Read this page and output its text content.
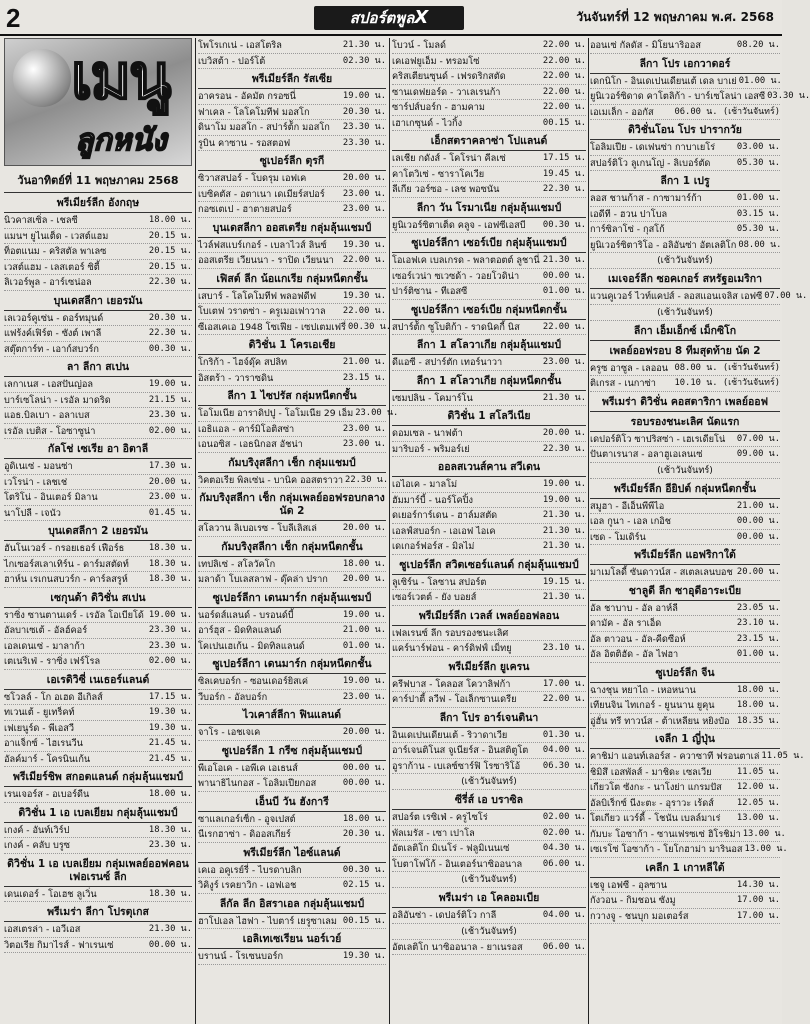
2	สปอร์ตพูลX	วันจันทร์ที่ 12 พฤษภาคม พ.ศ. 2568
เมนู
ลูกหนัง
วันอาทิตย์ที่ 11 พฤษภาคม 2568
พรีเมียร์ลีก อังกฤษ
นิวคาสเซิ่ล - เชลซี	18.00 น.
แมนฯ ยูไนเต็ด - เวสต์แฮม	20.15 น.
ท็อตแนม - คริสตัล พาเลซ	20.15 น.
เวสต์แฮม - เลสเตอร์ ซิตี้	20.15 น.
ลิเวอร์พูล - อาร์เซน่อล	22.30 น.
บุนเดสลีกา เยอรมัน
เลเวอร์คูเซ่น - ดอร์ทมุนด์	20.30 น.
แฟร้งค์เฟิร์ต - ซังต์ เพาลี	22.30 น.
สตุ๊ตการ์ท - เอาก์สบวร์ก	00.30 น.
ลา ลีกา สเปน
เลกาเนส - เอสปันญ่อล	19.00 น.
บาร์เซโลน่า - เรอัล มาดริด	21.15 น.
แอธ.บิลเบา - อลาเบส	23.30 น.
เรอัล เบติส - โอซาซูน่า	02.00 น.
กัลโช่ เซเรีย อา อิตาลี
อูดิเนเซ่ - มอนซ่า	17.30 น.
เวโรน่า - เลชเช่	20.00 น.
โตริโน่ - อินเตอร์ มิลาน	23.00 น.
นาโปลี - เจนัว	01.45 น.
บุนเดสลีกา 2 เยอรมัน
ฮันโนเวอร์ - กรอยเธอร์ เฟือร์ธ	18.30 น.
ไกเซอร์สเลาเทิร์น - ดาร์มสตัดท์	18.30 น.
ฮาห์น เรเกนสบวร์ก - คาร์ลสรูห์	18.30 น.
เซกุนด้า ดิวิชั่น สเปน
ราซิ่ง ซานตานเดร์ - เรอัล โอเบียโด้ 19.00 น.
อัลบาเซเต้ - อัลฮ์คอร์	23.30 น.
เอลเดนเซ่ - มาลาก้า	23.30 น.
เตเนริเฟ่ - ราซิ่ง เฟร์โรล	02.00 น.
เอเรดิวิซี่ เนเธอร์แลนด์
ซโวลล์ - โก อเฮด อีเกิลส์	17.15 น.
ทเวนเต้ - ยูเทร็คท์	19.30 น.
เฟเยนูร์ด - พีเอสวี	19.30 น.
อาแจ็กซ์ - ไฮเรนวีน	21.45 น.
อัลค์มาร์ - โครนินเก้น	21.45 น.
พรีเมียร์ชิพ สกอตแลนด์ กลุ่มลุ้นแชมป์
เรนเจอร์ส - อเบอร์ดีน	18.00 น.
ดิวิชั่น 1 เอ เบลเยียม กลุ่มลุ้นแชมป์
เกงค์ - อันท์เวิร์ป	18.30 น.
เกงค์ - คลับ บรูซ	23.30 น.
ดิวิชั่น 1 เอ เบลเยียม กลุ่มเพลย์ออฟคอนเฟอเรนซ์ ลีก
เดนเดอร์ - โอเฮช ลูเวิ่น	18.30 น.
พรีเมร่า ลีกา โปรตุเกส
เอสเตรล่า - เอวีเอส	21.30 น.
วิตอเรีย กิมาไรส์ - ฟาเรนเซ่	00.00 น.
โพโรเกเน่ - เอสโตริล	21.30 น.
เบวิสต้า - ปอร์โต้	02.30 น.
พรีเมียร์ลีก รัสเซีย
อาครอน - อัคมัต กรอซนี่	19.00 น.
ฟาเคล - โลโคโมทีฟ มอสโก	20.30 น.
ดินาโม มอสโก - สปาร์ต้ัก มอสโก	23.30 น.
รูบิน คาซาน - รอสตอฟ	23.30 น.
ซูเปอร์ลีก ตุรกี
ซิวาสสปอร์ - โบดรุม เอฟเค	20.00 น.
เบซิคตัส - อตาเนา เดเมียร์สปอร์	23.00 น.
กอซเตเป - ฮาตายสปอร์	23.00 น.
บุนเดสลีกา ออสเตรีย กลุ่มลุ้นแชมป์
ไวล์ฟสแบร์เกอร์ - เบลาไวส์ ลินซ์	19.30 น.
ออสเตรีย เวียนนา - ราปิด เวียนนา	22.00 น.
เฟิสต์ ลีก น้อแกเรีย กลุ่มหนีตกชั้น
เสบาร์ - โลโคโมทีฟ พลอฟดีฟ	19.30 น.
โบเตฟ วราตซ่า - ครูเมอเฟาวาล	22.00 น.
ซีเอสเคเอ 1948 โซเฟีย - เซปเตมเฟรี่ 00.30 น.
ดิวิชั่น 1 โครเอเชีย
โกริก้า - ไฮจ์ดุ๊ค สปลิท	21.00 น.
อิสตร้า - วาราซดิน	23.15 น.
ลีกา 1 ไซปรัส กลุ่มหนีตกชั้น
โอโมเนีย อาราดิปปู - โอโมเนีย 29 เอ็ม 23.00 น.
เอธิแอล - คาร์มิโอติสซ่า	23.00 น.
เอนอซิส - เอธนิกอส อัชน่า	23.00 น.
กัมบริงุสลีกา เช็ก กลุ่มแชมป์
วิคตอเรีย พิลเซ่น - บานิค ออสตราวา 22.30 น.
กัมบริงุสลีกา เช็ก กลุ่มเพลย์ออฟรอบกลาง นัด 2
สโลวาน ลิเบอเรซ - โบลีเลิสเล่	20.00 น.
กัมบริงุสลีกา เช็ก กลุ่มหนีตกชั้น
เทปลิเซ่ - สโลวัคโก	18.00 น.
มลาด้า โบเลสลาฟ - ดุ๊คล่า ปราก	20.00 น.
ซูเปอร์ลีกา เดนมาร์ก กลุ่มลุ้นแชมป์
นอร์ดส์แลนด์ - บรอนด์บี้	19.00 น.
อาร์ฮุส - มิดทิลแลนด์	21.00 น.
โคเปนเฮเก้น - มิดทิลแลนด์	01.00 น.
ซูเปอร์ลีกา เดนมาร์ก กลุ่มหนีตกชั้น
ซิลเคบอร์ก - ซอนเดอร์ยิสเค่	19.00 น.
วีบอร์ก - อัลบอร์ก	23.00 น.
ไวเคาส์ลีกา ฟินแลนด์
จาโร - เอชเจเค	20.00 น.
ซูเปอร์ลีก 1 กรีซ กลุ่มลุ้นแชมป์
พีเอโอเค - เอพีเค เอเธนส์	00.00 น.
พานาธิไนกอส - โอลิมเปียกอส	00.00 น.
เอ็นบี วัน ฮังการี
ซาแลเกอร์เซ็ก - อูจเปสต์	18.00 น.
นีเรกฮาซ่า - ดิออสเกียร์	20.30 น.
พรีเมียร์ลีก ไอซ์แลนด์
เคเอ อคูเรย์รี่ - ไบรดาบลิก	00.30 น.
วิคิงูร์ เรคยาวิก - เอฟเอช	02.15 น.
ลีกัล ลีก อิสราเอล กลุ่มลุ้นแชมป์
ฮาโปเอล ไฮฟา - ไบตาร์ เยรูซาเลม 00.15 น.
เอลิเทเซเรียน นอร์เวย์
บรานน์ - โรเซนบอร์ก	19.30 น.
โบวน์ - โมลด์	22.00 น.
เคเอฟยูเอ็ม - ทรอมโซ่	22.00 น.
คริสเตียนซุนด์ - เฟรดริกสตัด	22.00 น.
ซานเดฟยอร์ด - วาเลเรนก้า	22.00 น.
ซาร์ปส์บอร์ก - ฮามคาม	22.00 น.
เฮาเกซุนด์ - ไวกิ้ง	00.15 น.
เอ็กสตราคลาซ่า โปแลนด์
เลเชีย กดังส์ - โคโรน่า คีลเซ่	17.15 น.
คาโตวิเซ่ - ซาราโคเวีย	19.45 น.
ลีเกีย วอร์ซอ - เลช พอซนัน	22.30 น.
ลีกา วัน โรมาเนีย กลุ่มลุ้นแชมป์
ยูนิเวอร์ซิตาเต็ด คลูจ - เอฟซีเอสบี	00.30 น.
ซูเปอร์ลีกา เซอร์เบีย กลุ่มลุ้นแชมป์
โอเอฟเค เบลเกรด - พลาตอตต์ ลูชานี่ 21.30 น.
เซอร์เวน่า ซเวซด้า - วอยโวดิน่า	00.00 น.
ปาร์ติซาน - ทีเอสซี	01.00 น.
ซูเปอร์ลีกา เซอร์เบีย กลุ่มหนีตกชั้น
สปาร์ต้ัก ซูโบติก้า - ราดนิคกี้ นิส	22.00 น.
ลีกา 1 สโลวาเกีย กลุ่มลุ้นแชมป์
ดีแอซี - สปาร์ตัก เทอร์นาวา	23.00 น.
ลีกา 1 สโลวาเกีย กลุ่มหนีตกชั้น
เซมปลิน - โคมาร์โน	21.30 น.
ดิวิชั่น 1 สโลวีเนีย
ดอมเซล - นาฟต้า	20.00 น.
มาริบอร์ - พริมอร์เย่	22.30 น.
ออลสเวนส์คาน สวีเดน
เอไอเค - มาลโม่	19.00 น.
ฮัมมาร์บี้ - นอร์โคปิ้ง	19.00 น.
ดเยอร์การ์เดน - ฮาล์มสตัด	21.30 น.
เอลฟ์สบอร์ก - เอเอฟ ไอเค	21.30 น.
เดเกอร์ฟอร์ส - มิลไม่	21.30 น.
ซูเปอร์ลีก สวิตเซอร์แลนด์ กลุ่มลุ้นแชมป์
ลูเซิร์น - โลซาน สปอร์ต	19.15 น.
เซอร์เวตต์ - ยัง บอยส์	21.30 น.
พรีเมียร์ลีก เวลส์ เพลย์ออฟลอน
เฟลเรนซ์ ลีก รอบรองชนะเลิศ
แคร์นาร์ฟอน - คาร์ดิฟฟ์ เม็ทยู	23.10 น.
พรีเมียร์ลีก ยูเครน
ครีฟบาส - โคลอส โควาลิฟก้า	17.00 น.
คาร์ปาตี้ ลวีฟ - โอเล็กซานเดรีย	22.00 น.
ลีกา โปร อาร์เจนตินา
อินเดเปนเดียนเต้ - ริวาดาเวีย	01.30 น.
อาร์เจนติโนส จูเนียร์ส - อินสติตูโต	04.00 น.
อูราก้าน - เบเลซ์ซาร์ฟิ โรซาริโอ้	06.30 น.
(เช้าวันจันทร์)
ซีรี่ส์ เอ บราซิล
สปอร์ต เรซิเฟ่ - ครูไซโร่	02.00 น.
พัลเมรัส - เซา เปาโล	02.00 น.
อัตเลติโก มิเนโร่ - ฟลูมิเนนเซ่	04.30 น.
โบตาโฟโก้ - อินเตอร์นาซิออนาล	06.00 น.
(เช้าวันจันทร์)
พรีเมร่า เอ โคลอมเบีย
อลิอันซ่า - เดปอร์ติโว กาลี	04.00 น.
(เช้าวันจันทร์)
อัตเลติโก นาซิออนาล - ยาเนรอส	06.00 น.
ออนเซ่ กัลดัส - มิโยนาริออส	08.20 น.
ลีกา โปร เอกวาดอร์
เดกนิโก - อินเดเปนเดียนเต้ เดล บาเย่ 01.00 น.
ยูนิเวอร์ซิดาด คาโตลิก้า - บาร์เซโลน่า เอสซี 03.30 น.
เอเมเล็ก - ออกัส	06.00 น. (เช้าวันจันทร์)
ดิวิชั่นโอน โปร ปารากวัย
โอลิมเปีย - เดเฟนซ่า กาบาเยโร่	03.00 น.
สปอร์ติโว ลูเกนโญ่ - ลิเบอร์ตัด	05.30 น.
ลีกา 1 เปรู
ลอส ชานก้าส - กาซามาร์ก้า	01.00 น.
เอดีที - ฮวน ปาโบล	03.15 น.
การ์ซิลาโซ่ - กุสโก้	05.30 น.
ยูนิเวอร์ซิตาริโอ - อลิอันซ่า อัตเลติโก 08.00 น.
(เช้าวันจันทร์)
เมเจอร์ลีก ซอคเกอร์ สหรัฐอเมริกา
แวนคูเวอร์ ไวท์แคปส์ - ลอสแอนเจลิส เอฟซี 07.00 น.
(เช้าวันจันทร์)
ลีกา เอ็มเอ็กซ์ เม็กซิโก
เพลย์ออฟรอบ 8 ทีมสุดท้าย นัด 2
ครูซ อาซูล - เลออน 08.00 น. (เช้าวันจันทร์)
ติเกรส - เนกาซ่า	10.10 น. (เช้าวันจันทร์)
พรีเมร่า ดิวิชั่น คอสตาริกา เพลย์ออฟ
รอบรองชนะเลิศ นัดแรก
เดปอร์ติโว ซาปริสซ่า - เฮเรเดียโน่	07.00 น.
ปันตาเรนาส - อลาฮูเอเลนเซ่	09.00 น.
(เช้าวันจันทร์)
พรีเมียร์ลีก อียิปต์ กลุ่มหนีตกชั้น
สมูฮา - อีเอ็นพีพีไอ	21.00 น.
เอล กูนา - เอล เกอิช	00.00 น.
เซด - โมเดิร์น	00.00 น.
พรีเมียร์ลีก แอฟริกาใต้
มาเมโลดี้ ซันดาวน์ส - สเตลเลนบอช 20.00 น.
ชาลูดี ลีก ซาอุดีอาระเบีย
อัล ชาบาบ - อัล อาห์ลี	23.05 น.
ดามัค - อัล ราเอ็ด	23.10 น.
อัล ตาวอน - อัล-คีดซีอห์	23.15 น.
อัล อิตติฮัด - อัล ไฟฮา	01.00 น.
ซูเปอร์ลีก จีน
ฉางชุน หยาไถ - เหอหนาน	18.00 น.
เทียนจิน ไทเกอร์ - ยูนนาน ยูคุน	18.00 น.
อู่ฮั่น ทรี ทาวน์ส - ต้าเหลียน หยิงป๋อ 18.35 น.
เจลีก 1 ญี่ปุ่น
คาชิม่า แอนท์เลอร์ส - ควาซาที ฟรอนตาเล่ 11.05 น.
ชิมิสึ เอสพัลส์ - มาชิดะ เซลเวีย	11.05 น.
เกียวโต ซังกะ - นาโงย่า แกรมปัส	12.00 น.
อัลบิเร็กซ์ นีงะตะ - อุราวะ เร้ดส์	12.05 น.
โตเกียว แวร์ดี้ - โชนัน เบลล์มาเร่	13.00 น.
กัมบะ โอซาก้า - ซานเฟรซเซ่ ฮิโรชิม่า 13.00 น.
เซเรโซ่ โอซาก้า - โยโกฮาม่า มารินอส 13.00 น.
เคลีก 1 เกาหลีใต้
เชจู เอฟซี - อุลซาน	14.30 น.
กังวอน - กิมชอน ซังมู	17.00 น.
กวางจู - ชนบุก มอเตอร์ส	17.00 น.
